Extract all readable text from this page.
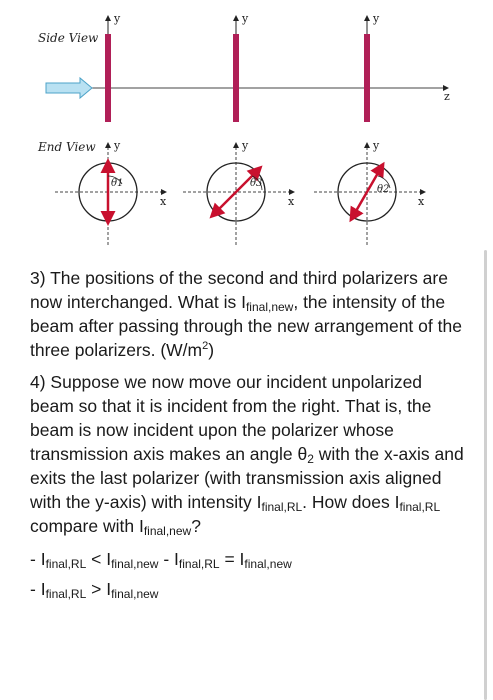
Side View
z
y	y	y
End View y
x
θ1
y
x
θ3
y
x
θ2

3) The positions of the second and third polarizers are now interchanged. What is $I_{final,new}$, the intensity of the beam after passing through the new arrangement of the three polarizers. $(W/m^2)$

4) Suppose we now move our incident unpolarized beam so that it is incident from the right. That is, the beam is now incident upon the polarizer whose transmission axis makes an angle $\theta_2$ with the x-axis and exits the last polarizer (with transmission axis aligned with the y-axis) with intensity $I_{final,RL}$. How does $I_{final,RL}$ compare with $I_{final,new}$?

- $I_{final,RL} < I_{final,new} - I_{final,RL} = I_{final,new}$

- $I_{final,RL} > I_{final,new}$
